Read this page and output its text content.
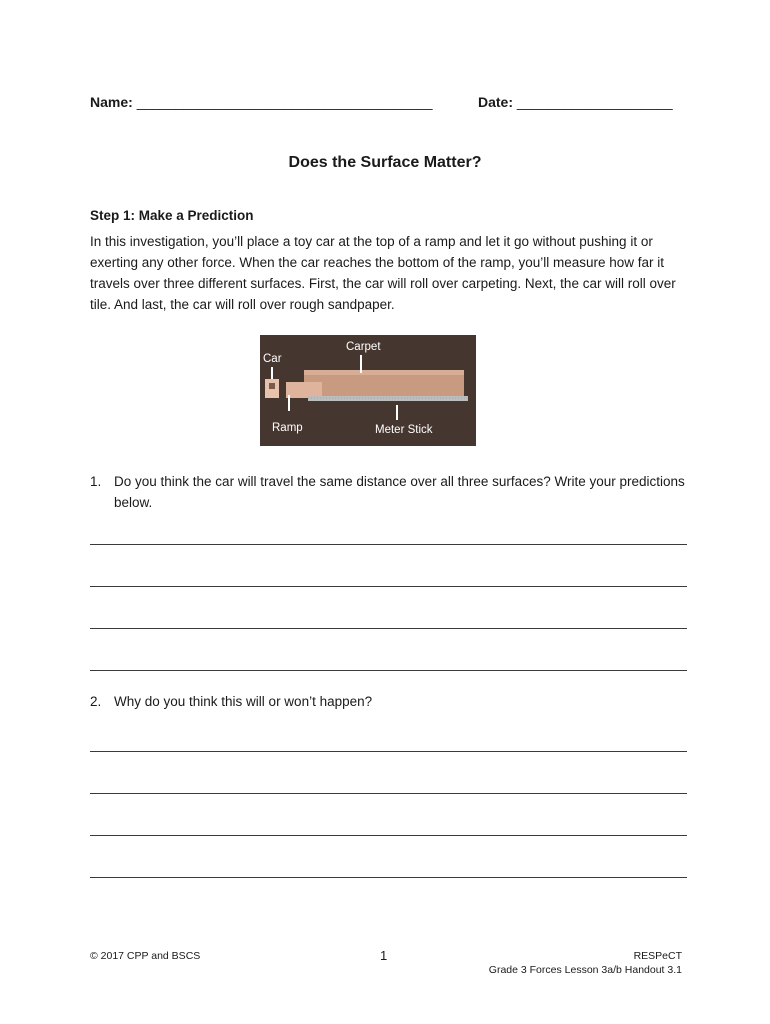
Name: ______________________________________	Date: ____________________
Does the Surface Matter?
Step 1: Make a Prediction
In this investigation, you’ll place a toy car at the top of a ramp and let it go without pushing it or exerting any other force. When the car reaches the bottom of the ramp, you’ll measure how far it travels over three different surfaces. First, the car will roll over carpeting. Next, the car will roll over tile. And last, the car will roll over rough sandpaper.
Carpet
Car
Ramp	Meter Stick
1. Do you think the car will travel the same distance over all three surfaces? Write your predictions below.
2. Why do you think this will or won’t happen?
© 2017 CPP and BSCS	1	RESPeCT
Grade 3 Forces Lesson 3a/b Handout 3.1
